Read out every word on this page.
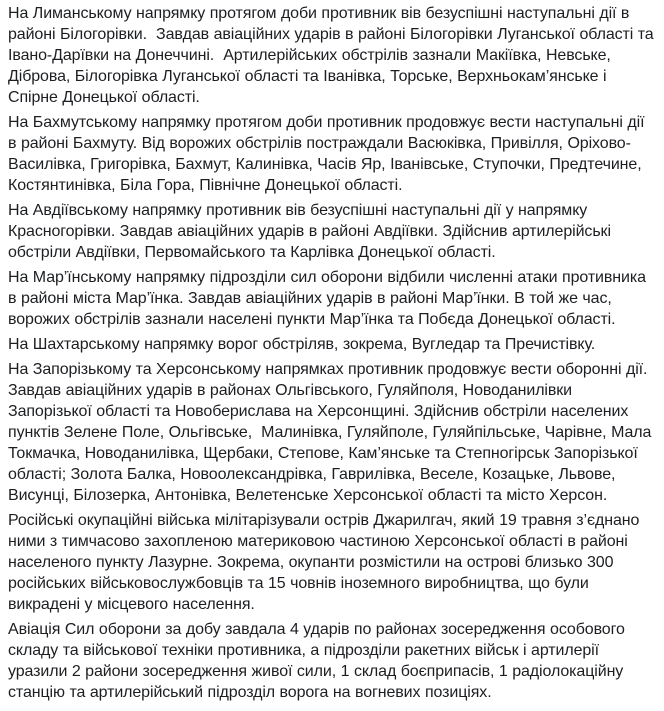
На Лиманському напрямку протягом доби противник вів безуспішні наступальні дії в районі Білогорівки.  Завдав авіаційних ударів в районі Білогорівки Луганської області та Івано-Дарївки на Донеччині.  Артилерійських обстрілів зазнали Макіївка, Невське, Діброва, Білогорівка Луганської області та Іванівка, Торське, Верхньокам’янське і Спірне Донецької області.

На Бахмутському напрямку протягом доби противник продовжує вести наступальні дії  в районі Бахмуту. Від ворожих обстрілів постраждали Васюківка, Привілля, Оріхово-Василівка, Григорівка, Бахмут, Калинівка, Часів Яр, Іванівське, Ступочки, Предтечине, Костянтинівка, Біла Гора, Північне Донецької області.

На Авдіївському напрямку противник вів безуспішні наступальні дії у напрямку Красногорівки. Завдав авіаційних ударів в районі Авдіївки. Здійснив артилерійські обстріли Авдіївки, Первомайського та Карлівка Донецької області.

На Мар’їнському напрямку підрозділи сил оборони відбили численні атаки противника в районі міста Мар’їнка. Завдав авіаційних ударів в районі Мар’їнки. В той же час, ворожих обстрілів зазнали населені пункти Мар’їнка та Побєда Донецької області.

На Шахтарському напрямку ворог обстріляв, зокрема, Вугледар та Пречистівку.

На Запорізькому та Херсонському напрямках противник продовжує вести оборонні дії. Завдав авіаційних ударів в районах Ольгівського, Гуляйполя, Новоданилівки Запорізької області та Новоберислава на Херсонщині. Здійснив обстріли населених пунктів Зелене Поле, Ольгівське,  Малинівка, Гуляйполе, Гуляйпільське, Чарівне, Мала Токмачка, Новоданилівка, Щербаки, Степове, Кам’янське та Степногірськ Запорізької області; Золота Балка, Новоолександрівка, Гаврилівка, Веселе, Козацьке, Львове, Висунці, Білозерка, Антонівка, Велетенське Херсонської області та місто Херсон.

Російські окупаційні війська мілітарізували острів Джарилгач, який 19 травня з’єднано ними з тимчасово захопленою материковою частиною Херсонської області в районі населеного пункту Лазурне. Зокрема, окупанти розмістили на острові близько 300 російських військовослужбовців та 15 човнів іноземного виробництва, що були викрадені у місцевого населення.

Авіація Сил оборони за добу завдала 4 ударів по районах зосередження особового складу та військової техніки противника, а підрозділи ракетних військ і артилерії уразили 2 райони зосередження живої сили, 1 склад боєприпасів, 1 радіолокаційну станцію та артилерійський підрозділ ворога на вогневих позиціях.
